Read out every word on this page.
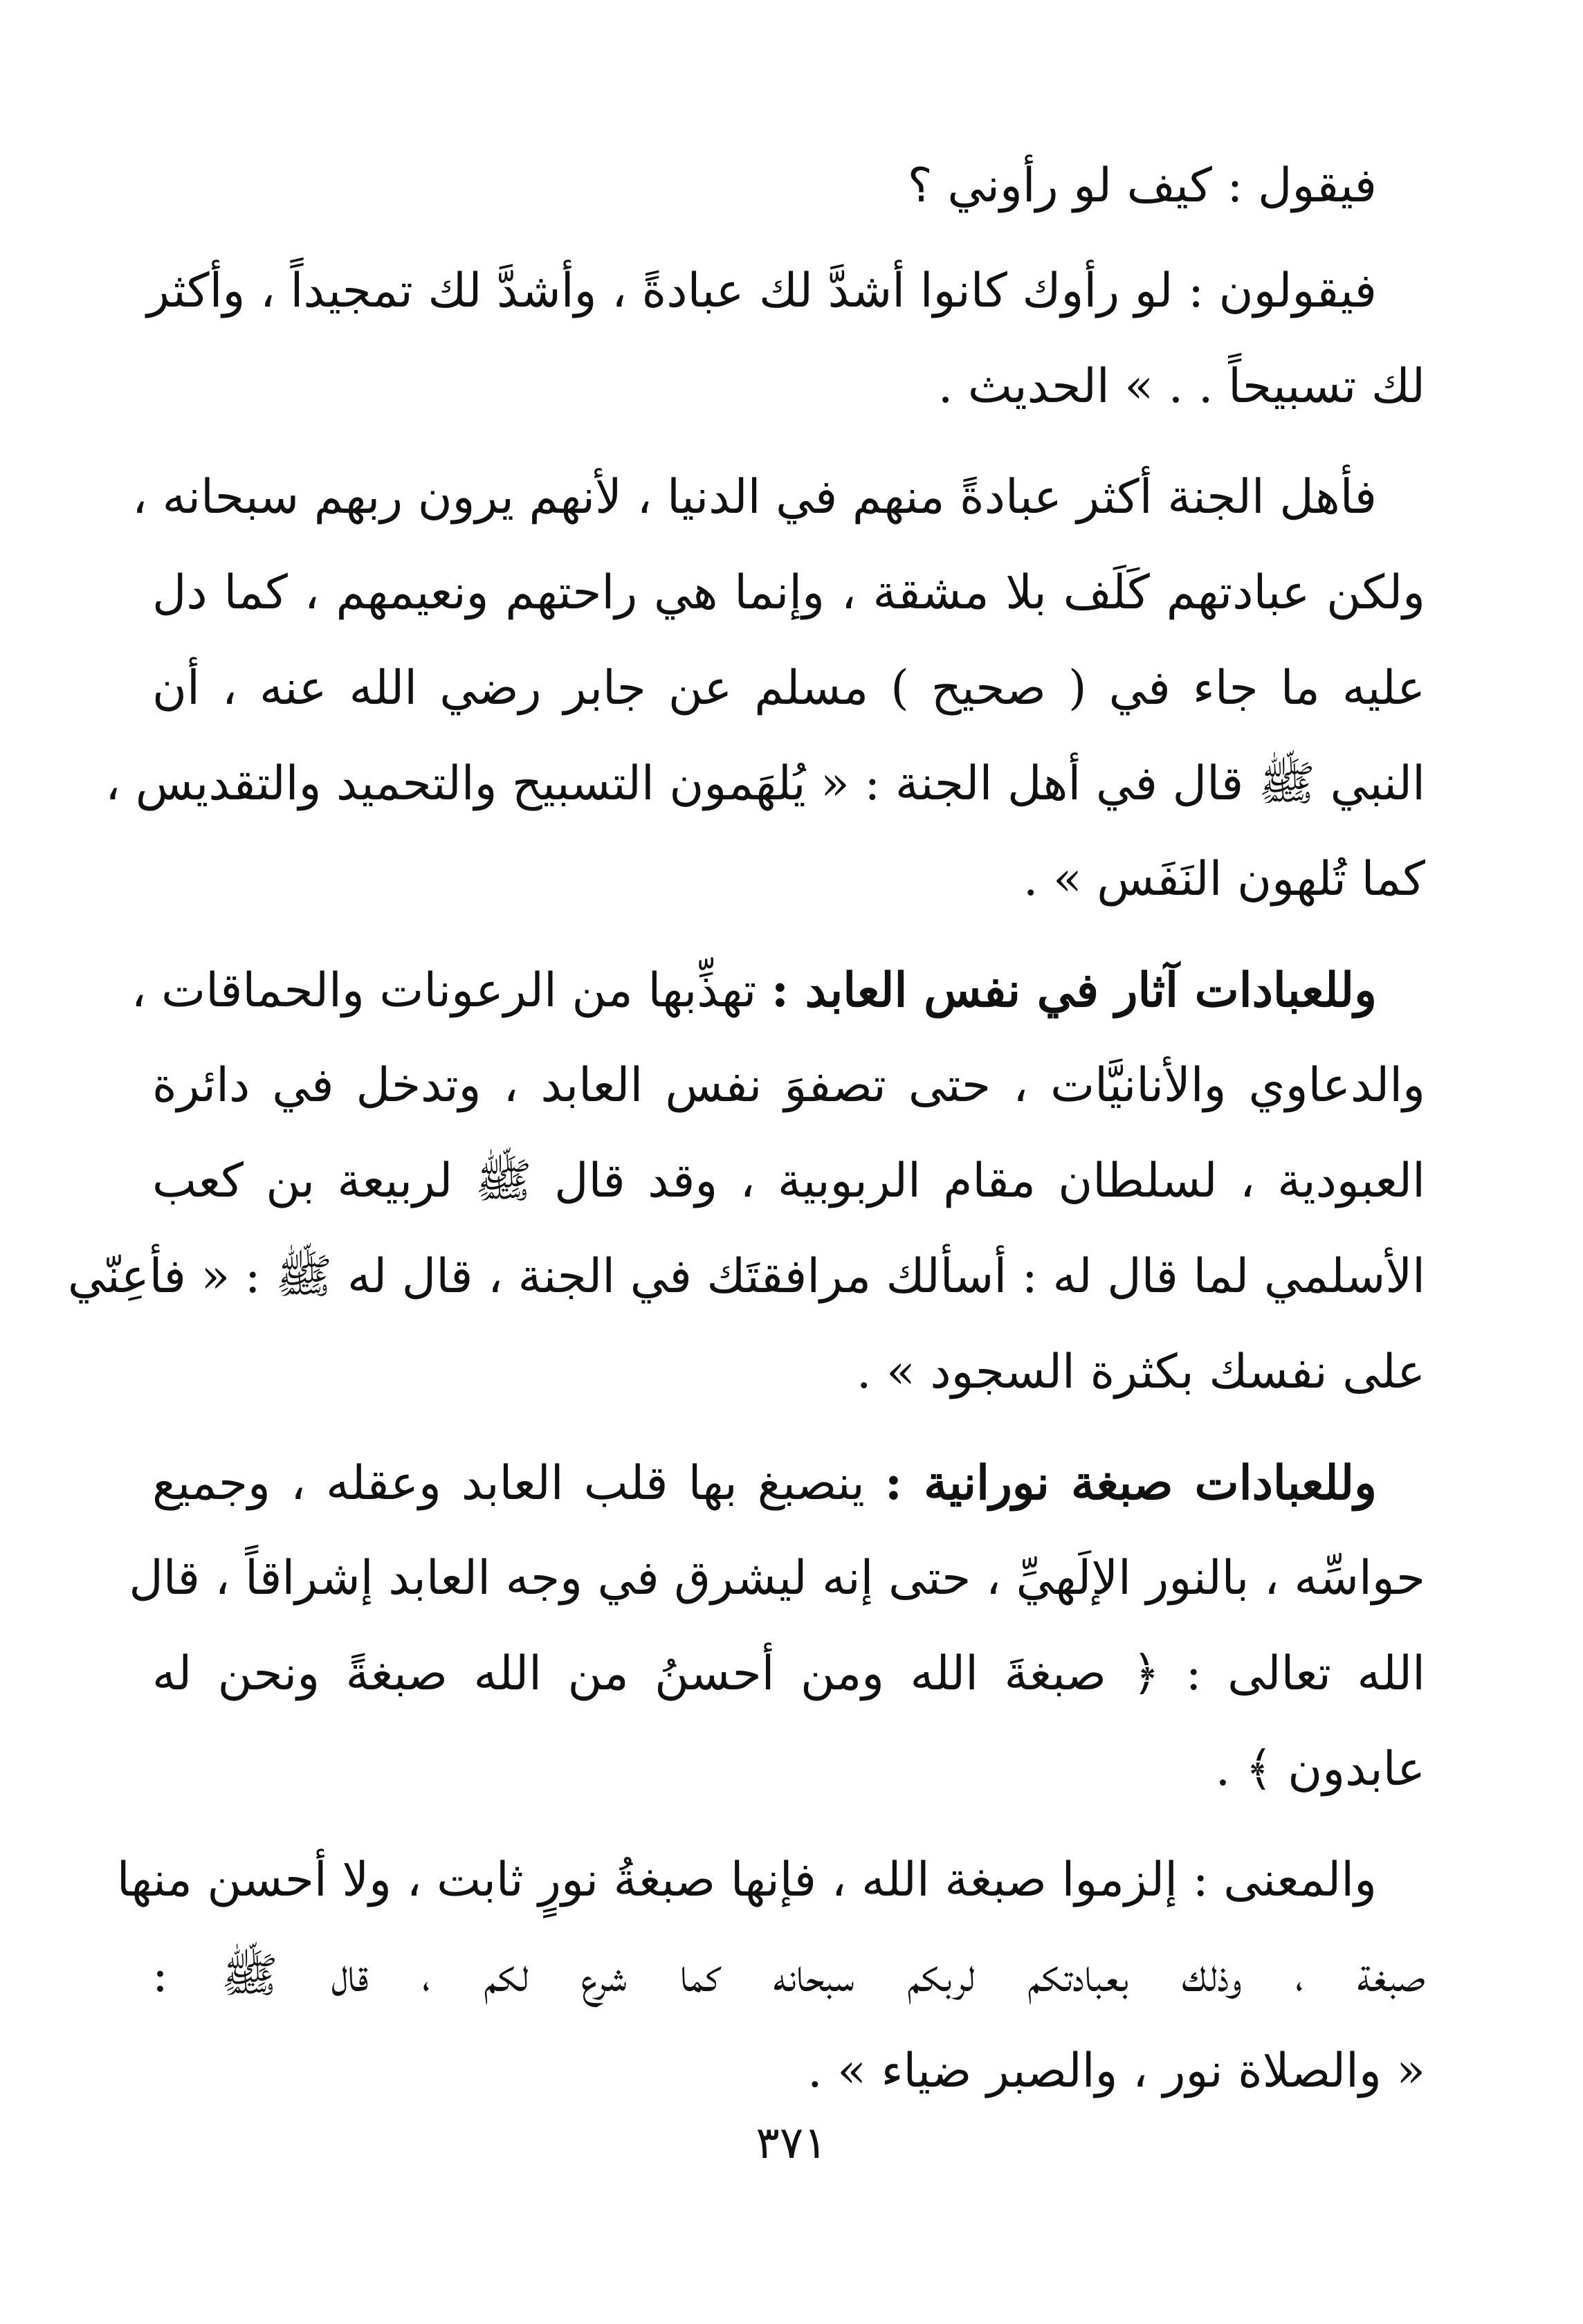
فيقول : كيف لو رأوني ؟
فيقولون : لو رأوك كانوا أشدَّ لك عبادةً ، وأشدَّ لك تمجيداً ، وأكثر
لك تسبيحاً . . » الحديث .
فأهل الجنة أكثر عبادةً منهم في الدنيا ، لأنهم يرون ربهم سبحانه ،
ولكن عبادتهم كَلَف بلا مشقة ، وإنما هي راحتهم ونعيمهم ، كما دل
عليه ما جاء في ( صحيح ) مسلم عن جابر رضي الله عنه ، أن
النبي ﷺ قال في أهل الجنة : « يُلهَمون التسبيح والتحميد والتقديس ،
كما تُلهون النَفَس » .
وللعبادات آثار في نفس العابد : تهذِّبها من الرعونات والحماقات ،
والدعاوي والأنانيَّات ، حتى تصفوَ نفس العابد ، وتدخل في دائرة
العبودية ، لسلطان مقام الربوبية ، وقد قال ﷺ لربيعة بن كعب
الأسلمي لما قال له : أسألك مرافقتَك في الجنة ، قال له ﷺ : « فأعِنّي
على نفسك بكثرة السجود » .
وللعبادات صبغة نورانية : ينصبغ بها قلب العابد وعقله ، وجميع
حواسِّه ، بالنور الإلَهيِّ ، حتى إنه ليشرق في وجه العابد إشراقاً ، قال
الله تعالى : ﴿ صبغةَ الله ومن أحسنُ من الله صبغةً ونحن له
عابدون ﴾ .
والمعنى : إلزموا صبغة الله ، فإنها صبغةُ نورٍ ثابت ، ولا أحسن منها
صبغة ، وذلك بعبادتكم لربكم سبحانه كما شرع لكم ، قال ﷺ :
« والصلاة نور ، والصبر ضياء » .
٣٧١
